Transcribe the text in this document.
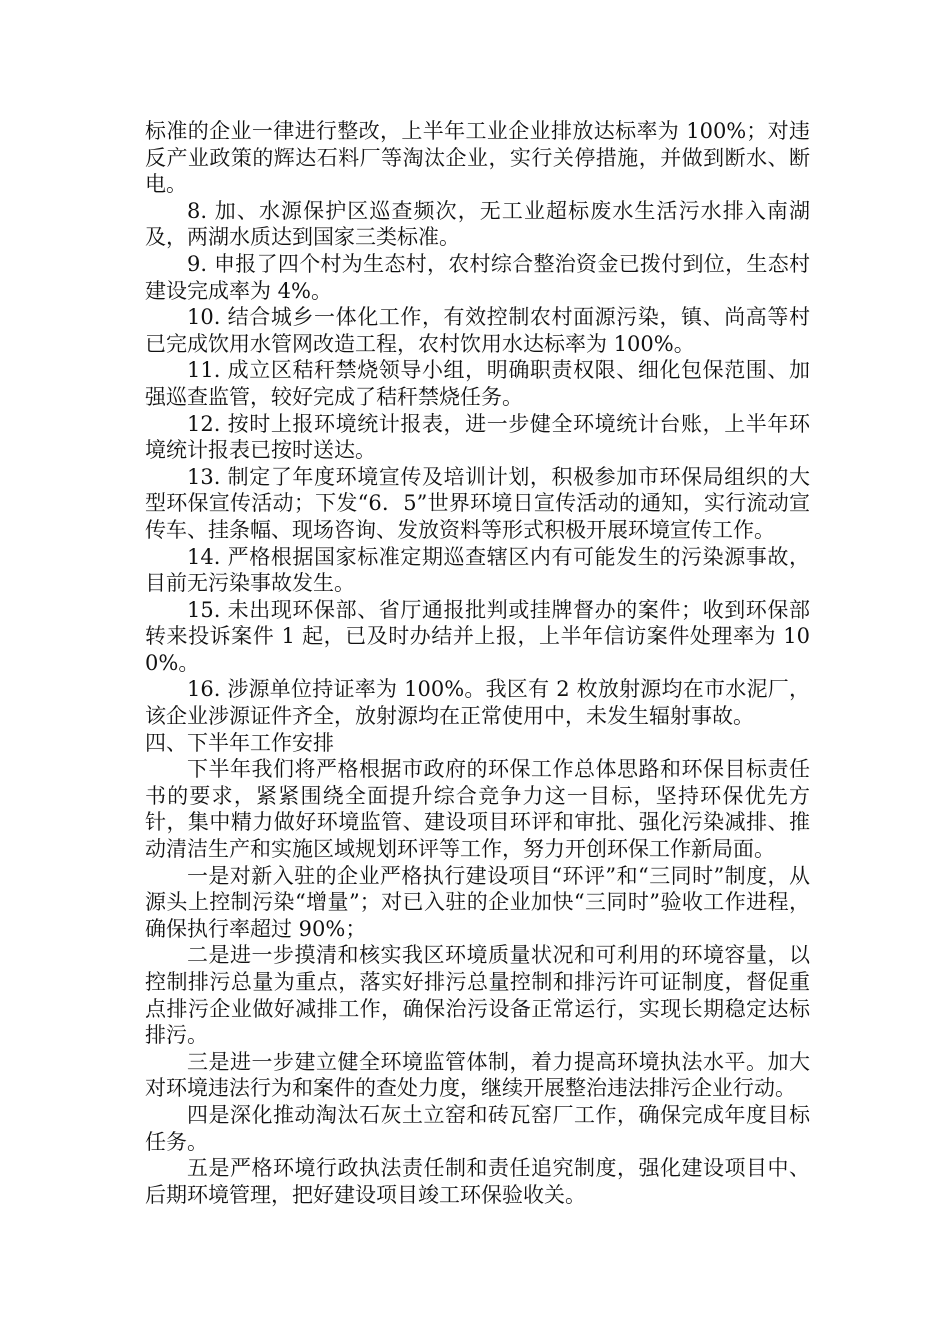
标准的企业一律进行整改，上半年工业企业排放达标率为 100%；对违反产业政策的辉达石料厂等淘汰企业，实行关停措施，并做到断水、断电。

8. 加、水源保护区巡查频次，无工业超标废水生活污水排入南湖及，两湖水质达到国家三类标准。

9. 申报了四个村为生态村，农村综合整治资金已拨付到位，生态村建设完成率为 4%。

10. 结合城乡一体化工作，有效控制农村面源污染，镇、尚高等村已完成饮用水管网改造工程，农村饮用水达标率为 100%。

11. 成立区秸秆禁烧领导小组，明确职责权限、细化包保范围、加强巡查监管，较好完成了秸秆禁烧任务。

12. 按时上报环境统计报表，进一步健全环境统计台账，上半年环境统计报表已按时送达。

13. 制定了年度环境宣传及培训计划，积极参加市环保局组织的大型环保宣传活动；下发“6．5”世界环境日宣传活动的通知，实行流动宣传车、挂条幅、现场咨询、发放资料等形式积极开展环境宣传工作。

14. 严格根据国家标准定期巡查辖区内有可能发生的污染源事故，目前无污染事故发生。

15. 未出现环保部、省厅通报批判或挂牌督办的案件；收到环保部转来投诉案件 1 起，已及时办结并上报，上半年信访案件处理率为 100%。

16. 涉源单位持证率为 100%。我区有 2 枚放射源均在市水泥厂，该企业涉源证件齐全，放射源均在正常使用中，未发生辐射事故。

四、下半年工作安排

下半年我们将严格根据市政府的环保工作总体思路和环保目标责任书的要求，紧紧围绕全面提升综合竞争力这一目标，坚持环保优先方针，集中精力做好环境监管、建设项目环评和审批、强化污染减排、推动清洁生产和实施区域规划环评等工作，努力开创环保工作新局面。

一是对新入驻的企业严格执行建设项目“环评”和“三同时”制度，从源头上控制污染“增量”；对已入驻的企业加快“三同时”验收工作进程，确保执行率超过 90%；

二是进一步摸清和核实我区环境质量状况和可利用的环境容量，以控制排污总量为重点，落实好排污总量控制和排污许可证制度，督促重点排污企业做好减排工作，确保治污设备正常运行，实现长期稳定达标排污。

三是进一步建立健全环境监管体制，着力提高环境执法水平。加大对环境违法行为和案件的查处力度，继续开展整治违法排污企业行动。

四是深化推动淘汰石灰土立窑和砖瓦窑厂工作，确保完成年度目标任务。

五是严格环境行政执法责任制和责任追究制度，强化建设项目中、后期环境管理，把好建设项目竣工环保验收关。
